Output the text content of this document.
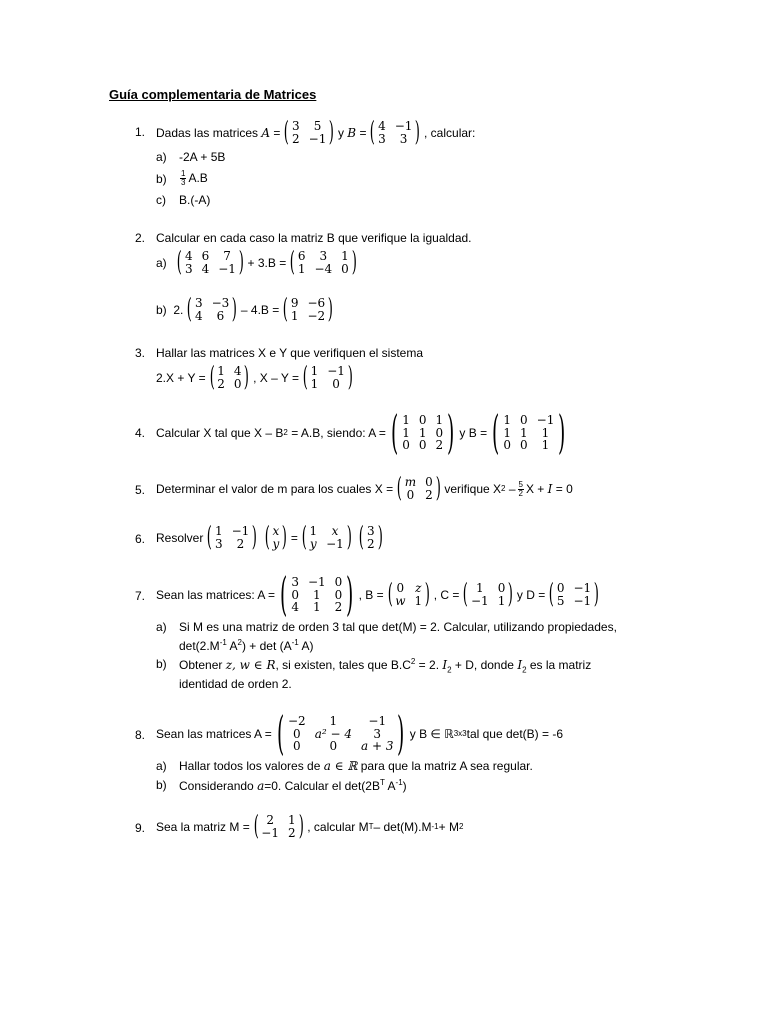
Guía complementaria de Matrices
1. Dadas las matrices
A
= ( 3	5
2 −1 ) y
B
= ( 4 −1
3	3 ) , calcular:
a) -2A + 5B
$b) \frac{1}{3} A.B$
c) B.(-A)
2. Calcular en cada caso la matriz B que verifique la igualdad.
a)
( 4 6	7
3 4 −1 ) + 3.B = ( 6	3	1
1 −4 0 )
b)
2. ( 3 −3
4	6 ) – 4.B = ( 9 −6
1 −2 )
3. Hallar las matrices X e Y que verifiquen el sistema
2.X + Y = ( 1 4
2 0 ) , X – Y = ( 1 −1
1	0 )
4. Calcular X tal que X – B 2
= A.B, siendo: A = ( 1 0 1
1 1 0
0 0 2 ) y B = ( 1 0 −1
1 1	1
0 0	1 )
5. Determinar el valor de m para los cuales X = ( m 0
0 2 ) verifique X 2
– $\frac{5}{2}$ X +
I
= 0
6. Resolver ( 1 −1
3	2 ) ( x
y ) = ( 1	x
y −1 ) ( 3
2 )
7. Sean las matrices: A = ( 3 −1 0
0	1	0
4	1	2 ) , B = ( 0 z
w 1 ) , C = ( 1	0
−1 1 ) y D = ( 0 −1
5 −1 )
a) Si M es una matriz de orden 3 tal que det(M) = 2. Calcular, utilizando propiedades,
$\det(2.M^{-1}$ $A^2) + \det (A^{-1}$ A)
b) Obtener z, w ∈ R, si existen, tales que $B.C^2 = 2$. $I_2 + D$, donde $I_2$ es la matriz
identidad de orden 2.
8. Sean las matrices A = ( −2	1	−1
0	a² − 4	3
0	0	a + 3 ) y B ∈ ℝ 3x3 tal que det(B) = -6
a) Hallar todos los valores de a ∈ ℝ para que la matriz A sea regular.
b) Considerando a=0. Calcular el $\det(2B^T$ $A^{-1}$)
9. Sea la matriz M = ( 2	1
−1 2 ) , calcular M T – det(M).M -1 + M 2
